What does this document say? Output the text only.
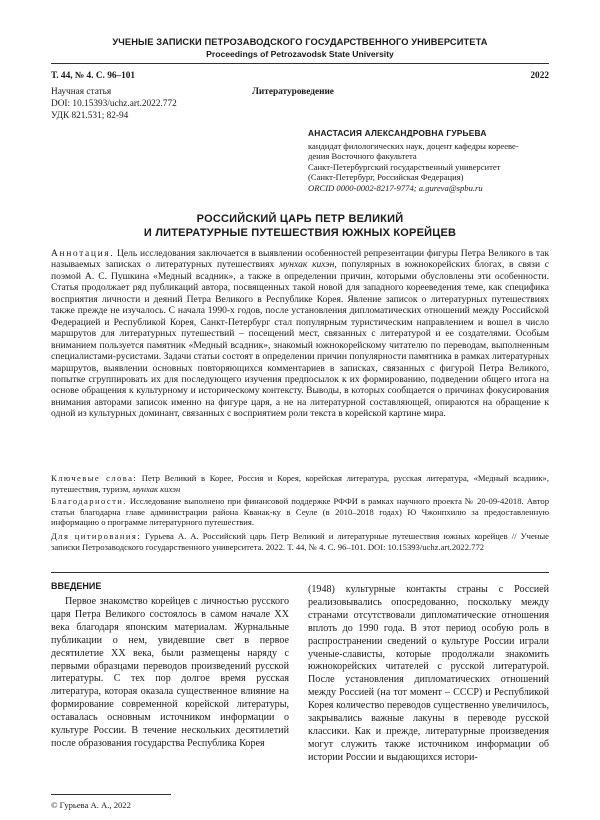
УЧЕНЫЕ ЗАПИСКИ ПЕТРОЗАВОДСКОГО ГОСУДАРСТВЕННОГО УНИВЕРСИТЕТА
Proceedings of Petrozavodsk State University
Т. 44, № 4. С. 96–101	2022
Научная статья	Литературоведение
DOI: 10.15393/uchz.art.2022.772
УДК 821.531; 82-94
АНАСТАСИЯ АЛЕКСАНДРОВНА ГУРЬЕВА
кандидат филологических наук, доцент кафедры корееве-
дения Восточного факультета
Санкт-Петербургский государственный университет
(Санкт-Петербург, Российская Федерация)
ORCID 0000-0002-8217-9774; a.gureva@spbu.ru
РОССИЙСКИЙ ЦАРЬ ПЕТР ВЕЛИКИЙ
И ЛИТЕРАТУРНЫЕ ПУТЕШЕСТВИЯ ЮЖНЫХ КОРЕЙЦЕВ
Аннотация. Цель исследования заключается в выявлении особенностей репрезентации фигуры Петра Великого в так называемых записках о литературных путешествиях мунхак кихэн, популярных в южнокорейских блогах, в связи с поэмой А. С. Пушкина «Медный всадник», а также в определении причин, которыми обусловлены эти особенности. Статья продолжает ряд публикаций автора, посвященных такой новой для западного корееведения теме, как специфика восприятия личности и деяний Петра Великого в Республике Корея. Явление записок о литературных путешествиях также прежде не изучалось. С начала 1990-х годов, после установления дипломатических отношений между Российской Федерацией и Республикой Корея, Санкт-Петербург стал популярным туристическим направлением и вошел в число маршрутов для литературных путешествий – посещений мест, связанных с литературой и ее создателями. Особым вниманием пользуется памятник «Медный всадник», знакомый южнокорейскому читателю по переводам, выполненным специалистами-русистами. Задачи статьи состоят в определении причин популярности памятника в рамках литературных маршрутов, выявлении основных повторяющихся комментариев в записках, связанных с фигурой Петра Великого, попытке сгруппировать их для последующего изучения предпосылок к их формированию, подведении общего итога на основе обращения к культурному и историческому контексту. Выводы, в которых сообщается о причинах фокусирования внимания авторами записок именно на фигуре царя, а не на литературной составляющей, опираются на обращение к одной из культурных доминант, связанных с восприятием роли текста в корейской картине мира.
Ключевые слова: Петр Великий в Корее, Россия и Корея, корейская литература, русская литература, «Медный всадник», путешествия, туризм, мунхак кихэн
Благодарности. Исследование выполнено при финансовой поддержке РФФИ в рамках научного проекта № 20-09-42018. Автор статьи благодарна главе администрации района Кванак-ку в Сеуле (в 2010–2018 годах) Ю Чжонпхилю за предоставленную информацию о программе литературного путешествия.
Для цитирования: Гурьева А. А. Российский царь Петр Великий и литературные путешествия южных корейцев // Ученые записки Петрозаводского государственного университета. 2022. Т. 44, № 4. С. 96–101. DOI: 10.15393/uchz.art.2022.772
ВВЕДЕНИЕ
Первое знакомство корейцев с личностью русского царя Петра Великого состоялось в самом начале XX века благодаря японским материалам. Журнальные публикации о нем, увидевшие свет в первое десятилетие XX века, были размещены наряду с первыми образцами переводов произведений русской литературы. С тех пор долгое время русская литература, которая оказала существенное влияние на формирование современной корейской литературы, оставалась основным источником информации о культуре России. В течение нескольких десятилетий после образования государства Республика Корея
(1948) культурные контакты страны с Россией реализовывались опосредованно, поскольку между странами отсутствовали дипломатические отношения вплоть до 1990 года. В этот период особую роль в распространении сведений о культуре России играли ученые-слависты, которые продолжали знакомить южнокорейских читателей с русской литературой. После установления дипломатических отношений между Россией (на тот момент – СССР) и Республикой Корея количество переводов существенно увеличилось, закрывались важные лакуны в переводе русской классики. Как и прежде, литературные произведения могут служить также источником информации об истории России и выдающихся истори-
© Гурьева А. А., 2022
